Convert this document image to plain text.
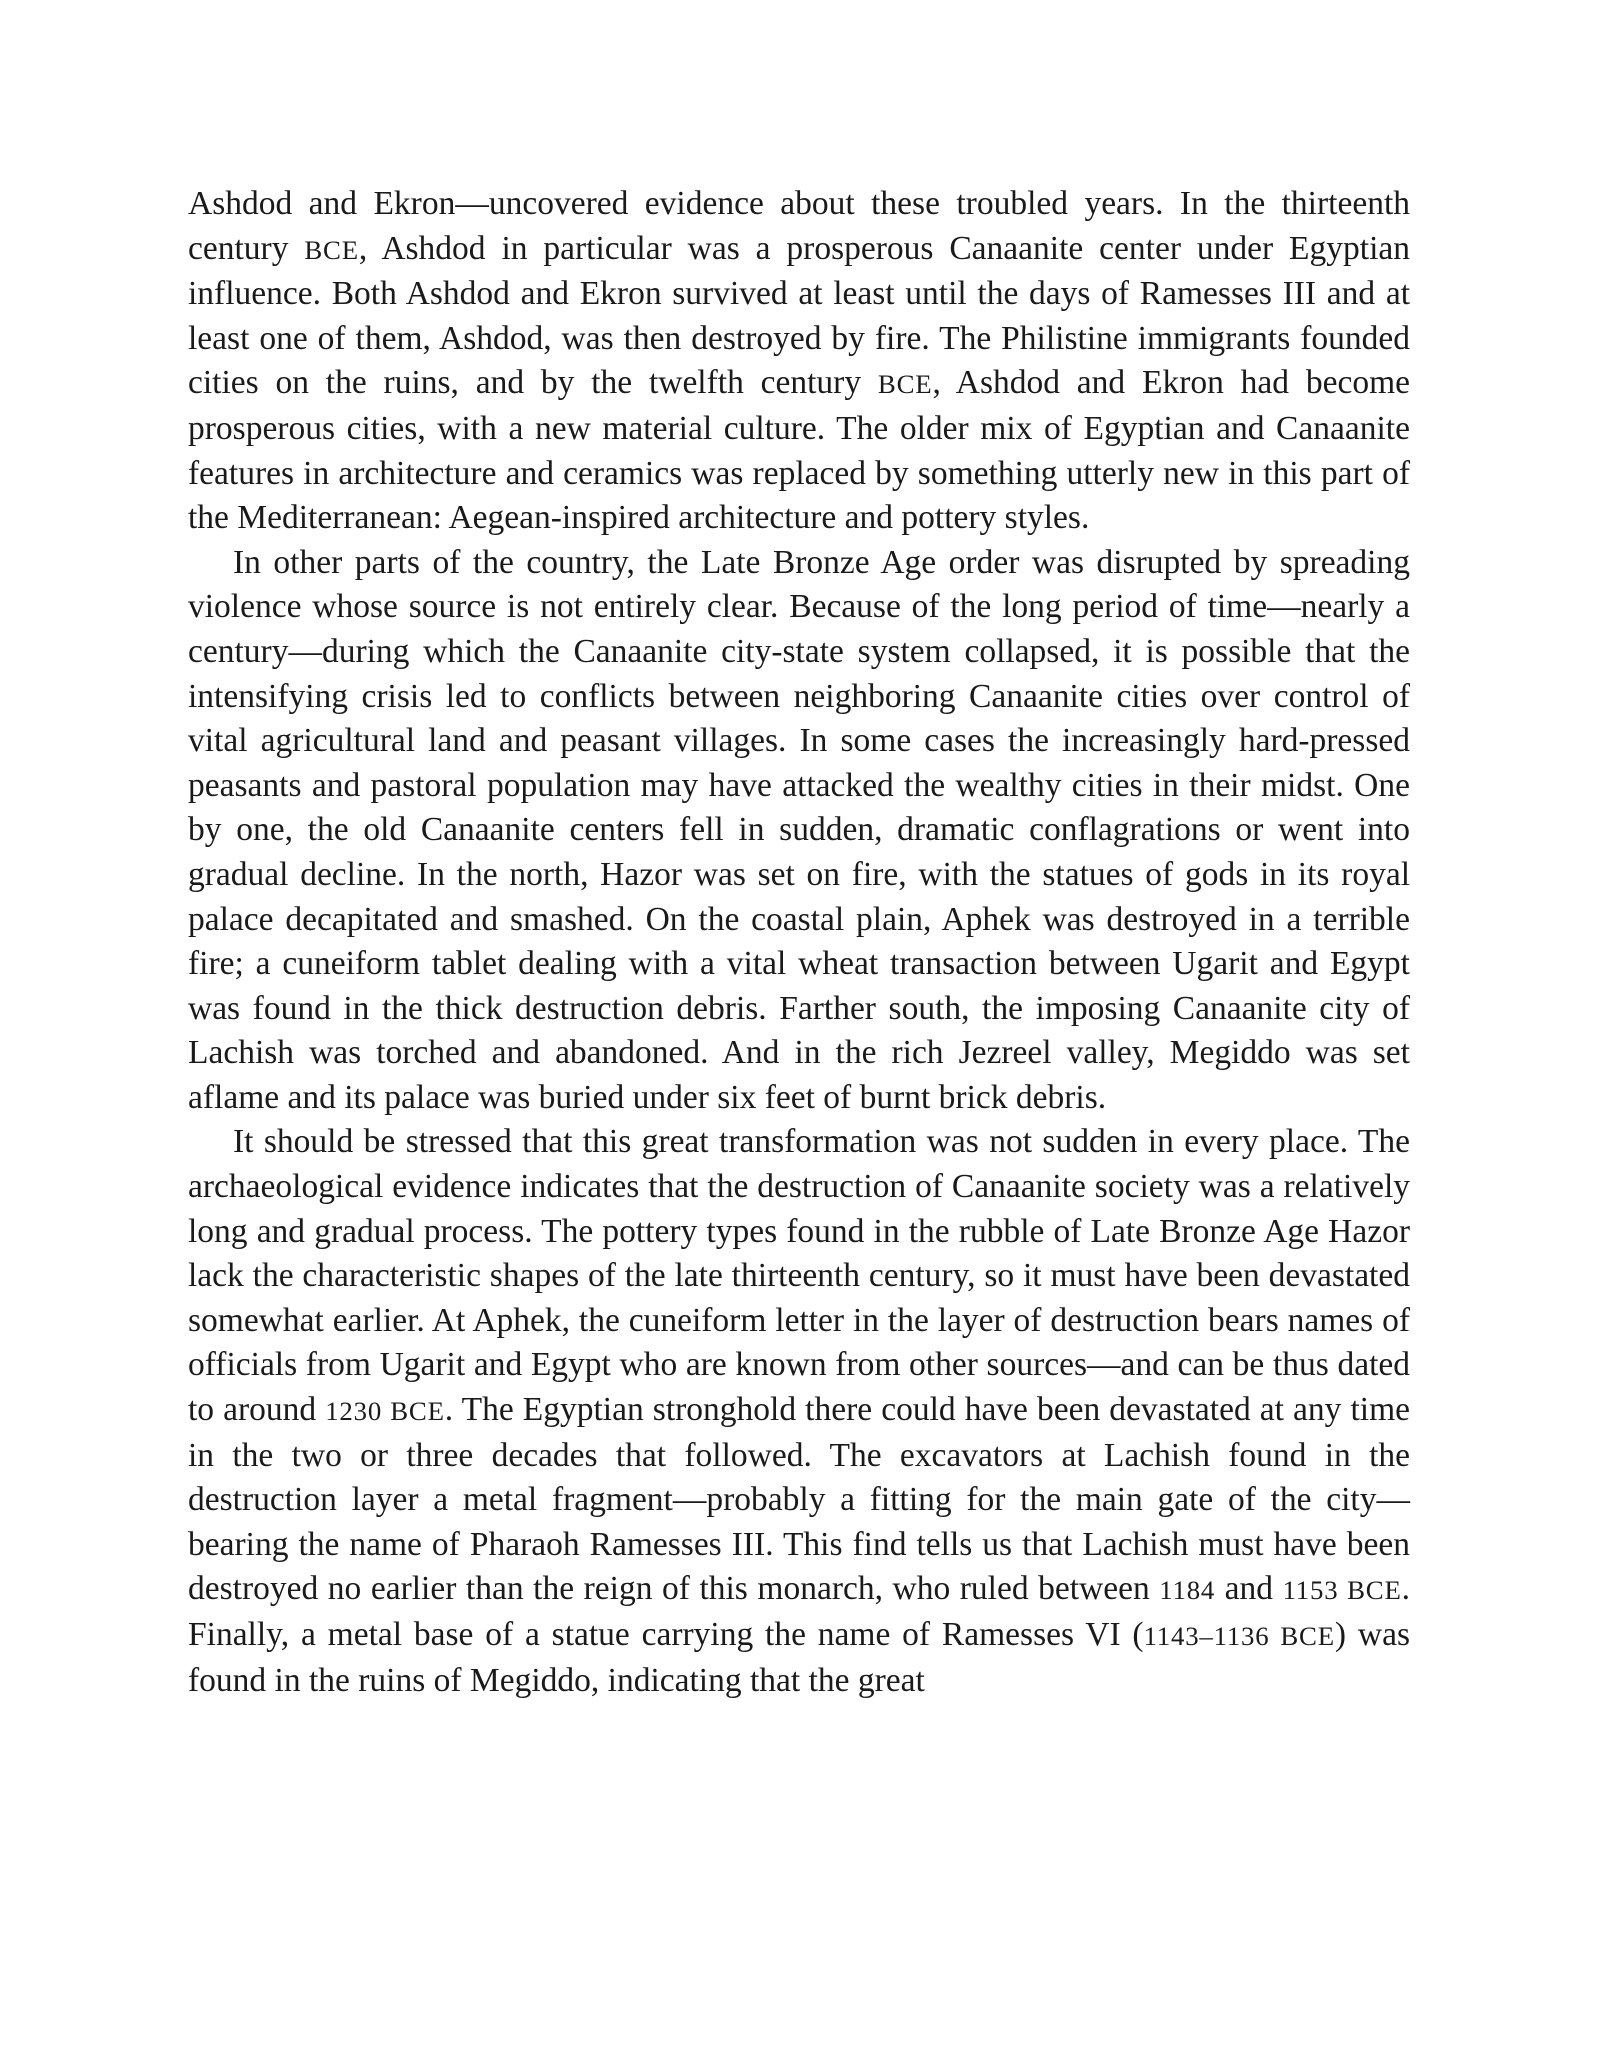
Ashdod and Ekron—uncovered evidence about these troubled years. In the thirteenth century BCE, Ashdod in particular was a prosperous Canaanite center under Egyptian influence. Both Ashdod and Ekron survived at least until the days of Ramesses III and at least one of them, Ashdod, was then destroyed by fire. The Philistine immigrants founded cities on the ruins, and by the twelfth century BCE, Ashdod and Ekron had become prosperous cities, with a new material culture. The older mix of Egyptian and Canaanite features in architecture and ceramics was replaced by something utterly new in this part of the Mediterranean: Aegean-inspired architecture and pottery styles.

In other parts of the country, the Late Bronze Age order was disrupted by spreading violence whose source is not entirely clear. Because of the long period of time—nearly a century—during which the Canaanite city-state system collapsed, it is possible that the intensifying crisis led to conflicts between neighboring Canaanite cities over control of vital agricultural land and peasant villages. In some cases the increasingly hard-pressed peasants and pastoral population may have attacked the wealthy cities in their midst. One by one, the old Canaanite centers fell in sudden, dramatic conflagrations or went into gradual decline. In the north, Hazor was set on fire, with the statues of gods in its royal palace decapitated and smashed. On the coastal plain, Aphek was destroyed in a terrible fire; a cuneiform tablet dealing with a vital wheat transaction between Ugarit and Egypt was found in the thick destruction debris. Farther south, the imposing Canaanite city of Lachish was torched and abandoned. And in the rich Jezreel valley, Megiddo was set aflame and its palace was buried under six feet of burnt brick debris.

It should be stressed that this great transformation was not sudden in every place. The archaeological evidence indicates that the destruction of Canaanite society was a relatively long and gradual process. The pottery types found in the rubble of Late Bronze Age Hazor lack the characteristic shapes of the late thirteenth century, so it must have been devastated somewhat earlier. At Aphek, the cuneiform letter in the layer of destruction bears names of officials from Ugarit and Egypt who are known from other sources—and can be thus dated to around 1230 BCE. The Egyptian stronghold there could have been devastated at any time in the two or three decades that followed. The excavators at Lachish found in the destruction layer a metal fragment—probably a fitting for the main gate of the city—bearing the name of Pharaoh Ramesses III. This find tells us that Lachish must have been destroyed no earlier than the reign of this monarch, who ruled between 1184 and 1153 BCE. Finally, a metal base of a statue carrying the name of Ramesses VI (1143–1136 BCE) was found in the ruins of Megiddo, indicating that the great
